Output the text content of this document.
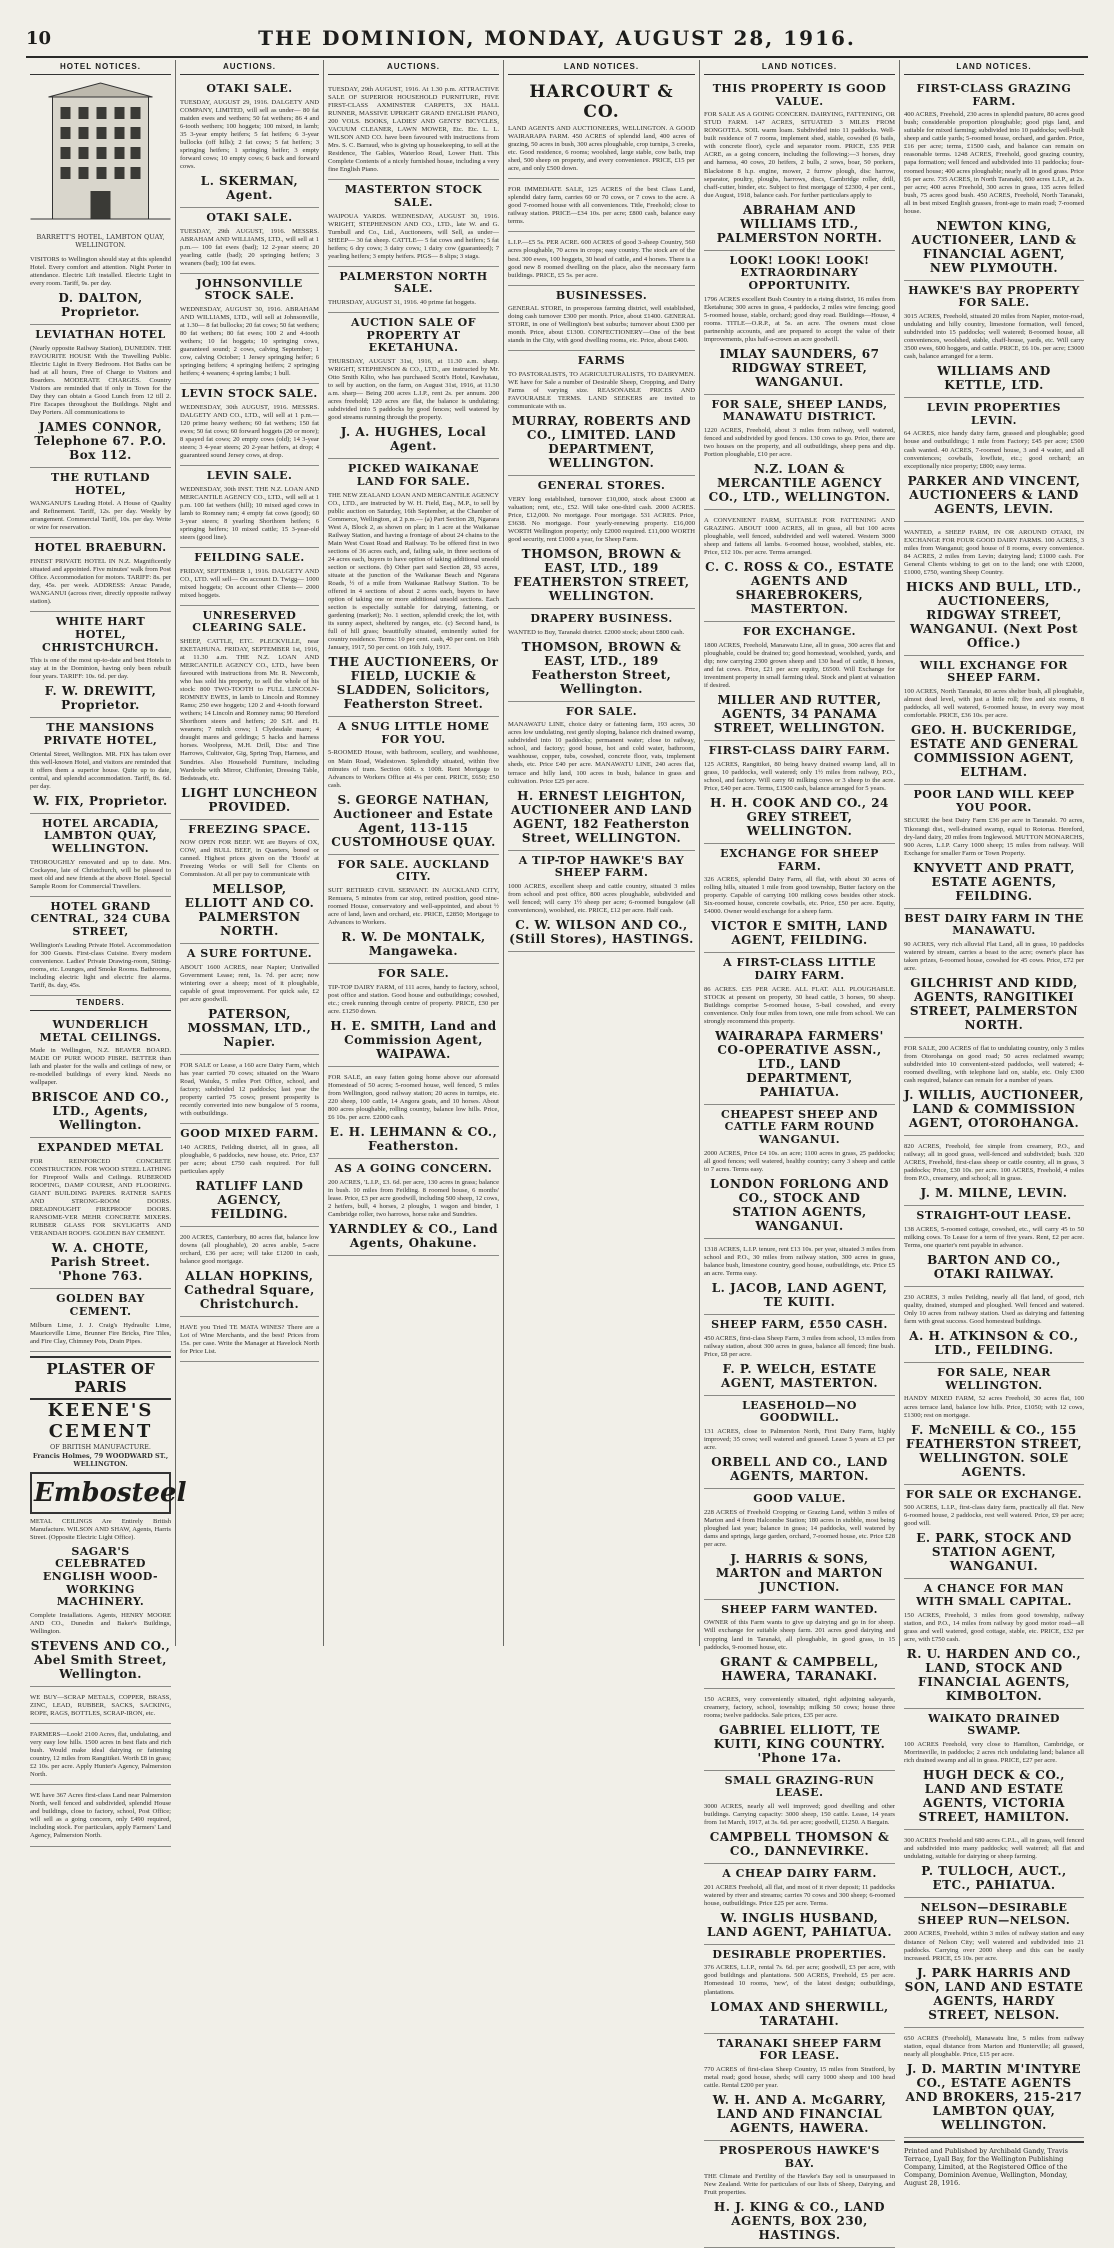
10	THE DOMINION, MONDAY, AUGUST 28, 1916.
HOTEL NOTICES.
BARRETT'S HOTEL, LAMBTON QUAY, WELLINGTON.
VISITORS to Wellington should stay at this splendid Hotel. Every comfort and attention. Night Porter in attendance. Electric Lift installed. Electric Light in every room. Tariff, 9s. per day.
D. DALTON, Proprietor.
LEVIATHAN HOTEL
(Nearly opposite Railway Station), DUNEDIN. THE FAVOURITE HOUSE With the Travelling Public. Electric Light in Every Bedroom. Hot Baths can be had at all hours, Free of Charge to Visitors and Boarders. MODERATE CHARGES. Country Visitors are reminded that if only in Town for the Day they can obtain a Good Lunch from 12 till 2. Fire Escapes throughout the Buildings. Night and Day Porters. All communications to
JAMES CONNOR, Telephone 67. P.O. Box 112.
THE RUTLAND HOTEL,
WANGANUI'S Leading Hotel. A House of Quality and Refinement. Tariff, 12s. per day. Weekly by arrangement. Commercial Tariff, 10s. per day. Write or wire for reservation.
HOTEL BRAEBURN.
FINEST PRIVATE HOTEL IN N.Z. Magnificently situated and appointed. Five minutes' walk from Post Office. Accommodation for motors. TARIFF: 8s. per day, 45s. per week. ADDRESS: Anzac Parade, WANGANUI (across river, directly opposite railway station).
WHITE HART HOTEL, CHRISTCHURCH.
This is one of the most up-to-date and best Hotels to stay at in the Dominion, having only been rebuilt four years. TARIFF: 10s. 6d. per day.
F. W. DREWITT, Proprietor.
THE MANSIONS PRIVATE HOTEL,
Oriental Street, Wellington. MR. FIX has taken over this well-known Hotel, and visitors are reminded that it offers them a superior house. Quite up to date, central, and splendid accommodation. Tariff, 8s. 6d. per day.
W. FIX, Proprietor.
HOTEL ARCADIA, LAMBTON QUAY, WELLINGTON.
THOROUGHLY renovated and up to date. Mrs. Cockayne, late of Christchurch, will be pleased to meet old and new friends at the above Hotel. Special Sample Room for Commercial Travellers.
HOTEL GRAND CENTRAL, 324 CUBA STREET,
Wellington's Leading Private Hotel. Accommodation for 300 Guests. First-class Cuisine. Every modern convenience. Ladies' Private Drawing-room, Sitting-rooms, etc. Lounges, and Smoke Rooms. Bathrooms, including electric light and electric fire alarms. Tariff, 8s. day, 45s.
TENDERS.
WUNDERLICH METAL CEILINGS.
Made in Wellington, N.Z. BEAVER BOARD. MADE OF PURE WOOD FIBRE. BETTER than lath and plaster for the walls and ceilings of new, or re-modelled buildings of every kind. Needs no wallpaper.
BRISCOE AND CO., LTD., Agents, Wellington.
EXPANDED METAL
FOR REINFORCED CONCRETE CONSTRUCTION. FOR WOOD STEEL LATHING for Fireproof Walls and Ceilings. RUBEROID ROOFING, DAMP COURSE, AND FLOORING. GIANT BUILDING PAPERS. RATNER SAFES AND STRONG-ROOM DOORS. DREADNOUGHT FIREPROOF DOORS. RANSOME-VER MEHR CONCRETE MIXERS. RUBBER GLASS FOR SKYLIGHTS AND VERANDAH ROOFS. GOLDEN BAY CEMENT.
W. A. CHOTE, Parish Street. 'Phone 763.
GOLDEN BAY CEMENT.
Milburn Lime, J. J. Craig's Hydraulic Lime, Mauriceville Lime, Brunner Fire Bricks, Fire Tiles, and Fire Clay, Chimney Pots, Drain Pipes.
PLASTER OF PARIS
KEENE'S CEMENT
OF BRITISH MANUFACTURE.
Francis Holmes, 79 WOODWARD ST., WELLINGTON.
Embosteel
METAL CEILINGS Are Entirely British Manufacture. WILSON AND SHAW, Agents, Harris Street. (Opposite Electric Light Office).
SAGAR'S CELEBRATED ENGLISH WOOD-WORKING MACHINERY.
Complete Installations. Agents, HENRY MOORE AND CO., Dunedin and Baker's Buildings, Wellington.
STEVENS AND CO., Abel Smith Street, Wellington.
WE BUY—SCRAP METALS, COPPER, BRASS, ZINC, LEAD, RUBBER, SACKS, SACKING, ROPE, RAGS, BOTTLES, SCRAP-IRON, etc.
FARMERS—Look! 2100 Acres, flat, undulating, and very easy low hills. 1500 acres in best flats and rich bush. Would make ideal dairying or fattening country, 12 miles from Rangitikei. Worth £8 in grass; £2 10s. per acre. Apply Hunter's Agency, Palmerston North.
WE have 367 Acres first-class Land near Palmerston North, well fenced and subdivided, splendid House and buildings, close to factory, school, Post Office; will sell as a going concern, only £490 required, including stock. For particulars, apply Farmers' Land Agency, Palmerston North.
AUCTIONS.
OTAKI SALE.
TUESDAY, AUGUST 29, 1916. DALGETY AND COMPANY, LIMITED, will sell as under— 80 fat maiden ewes and wethers; 50 fat wethers; 86 4 and 6-tooth wethers; 100 hoggets; 100 mixed, in lamb; 35 3-year empty heifers; 5 fat heifers; 6 3-year bullocks (off hills); 2 fat cows; 5 fat heifers; 3 springing heifers; 1 springing heifer; 3 empty forward cows; 10 empty cows; 6 back and forward cows.
L. SKERMAN, Agent.
OTAKI SALE.
TUESDAY, 29th AUGUST, 1916. MESSRS. ABRAHAM AND WILLIAMS, LTD., will sell at 1 p.m.— 100 fat ewes (bad); 12 2-year steers; 20 yearling cattle (bad); 20 springing heifers; 3 weaners (bad); 100 fat ewes.
JOHNSONVILLE STOCK SALE.
WEDNESDAY, AUGUST 30, 1916. ABRAHAM AND WILLIAMS, LTD., will sell at Johnsonville, at 1.30— 8 fat bullocks; 20 fat cows; 50 fat wethers; 80 fat wethers; 80 fat ewes; 100 2 and 4-tooth wethers; 10 fat hoggets; 10 springing cows, guaranteed sound; 2 cows, calving September; 1 cow, calving October; 1 Jersey springing heifer; 6 springing heifers; 4 springing heifers; 2 springing heifers; 4 weaners; 4 spring lambs; 1 bull.
LEVIN STOCK SALE.
WEDNESDAY, 30th AUGUST, 1916. MESSRS. DALGETY AND CO., LTD., will sell at 1 p.m.— 120 prime heavy wethers; 60 fat wethers; 150 fat ewes; 50 fat cows; 60 forward hoggets (20 or more); 8 spayed fat cows; 20 empty cows (old); 14 3-year steers; 3 4-year steers; 20 2-year heifers, at drop; 4 guaranteed sound Jersey cows, at drop.
LEVIN SALE.
WEDNESDAY, 30th INST. THE N.Z. LOAN AND MERCANTILE AGENCY CO., LTD., will sell at 1 p.m. 100 fat wethers (hill); 10 mixed aged cows in lamb to Romney ram; 4 empty fat cows (good); 60 3-year steers; 8 yearling Shorthorn heifers; 6 springing heifers; 10 mixed cattle; 15 3-year-old steers (good line).
FEILDING SALE.
FRIDAY, SEPTEMBER 1, 1916. DALGETY AND CO., LTD. will sell— On account D. Twigg— 1000 mixed hoggets; On account other Clients— 2000 mixed hoggets.
UNRESERVED CLEARING SALE.
SHEEP, CATTLE, ETC. PLECKVILLE, near EKETAHUNA. FRIDAY, SEPTEMBER 1st, 1916, at 11.30 a.m. THE N.Z. LOAN AND MERCANTILE AGENCY CO., LTD., have been favoured with instructions from Mr. R. Newcomb, who has sold his property, to sell the whole of his stock: 800 TWO-TOOTH to FULL LINCOLN-ROMNEY EWES, in lamb to Lincoln and Romney Rams; 250 ewe hoggets; 120 2 and 4-tooth forward wethers; 14 Lincoln and Romney rams; 90 Hereford Shorthorn steers and heifers; 20 S.H. and H. weaners; 7 milch cows; 1 Clydesdale mare; 4 draught mares and geldings; 5 hacks and harness horses. Woolpress, M.H. Drill, Disc and Tine Harrows, Cultivator, Gig, Spring Trap, Harness, and Sundries. Also Household Furniture, including Wardrobe with Mirror, Chiffonier, Dressing Table, Bedsteads, etc.
LIGHT LUNCHEON PROVIDED.
FREEZING SPACE.
NOW OPEN FOR BEEF. WE are Buyers of OX, COW, and BULL BEEF, in Quarters, boned or canned. Highest prices given on the 'Hoofs' at Freezing Works or will Sell for Clients on Commission. At all per pay to communicate with
MELLSOP, ELLIOTT AND CO. PALMERSTON NORTH.
A SURE FORTUNE.
ABOUT 1600 ACRES, near Napier; Unrivalled Government Lease; rent, 1s. 7d. per acre; now wintering over a sheep; most of it ploughable, capable of great improvement. For quick sale, £2 per acre goodwill.
PATERSON, MOSSMAN, LTD., Napier.
FOR SALE or Lease, a 160 acre Dairy Farm, which has year carried 70 cows; situated on the Waaro Road, Waiuku, 5 miles Port Office, school, and factory; subdivided 12 paddocks; last year the property carried 75 cows; present prosperity is recently converted into new bungalow of 5 rooms, with outbuildings.
GOOD MIXED FARM.
140 ACRES, Feilding district, all in grass, all ploughable, 6 paddocks, new house, etc. Price, £37 per acre; about £750 cash required. For full particulars apply
RATLIFF LAND AGENCY, FEILDING.
200 ACRES, Canterbury, 80 acres flat, balance low downs (all ploughable), 20 acres arable, 5-acre orchard, £36 per acre; will take £1200 in cash, balance good mortgage.
ALLAN HOPKINS, Cathedral Square, Christchurch.
HAVE you Tried TE MATA WINES? There are a Lot of Wine Merchants, and the best! Prices from 15s. per case. Write the Manager at Havelock North for Price List.
AUCTIONS.
TUESDAY, 29th AUGUST, 1916. At 1.30 p.m. ATTRACTIVE SALE OF SUPERIOR HOUSEHOLD FURNITURE, FIVE FIRST-CLASS AXMINSTER CARPETS, 3X HALL RUNNER, MASSIVE UPRIGHT GRAND ENGLISH PIANO, 200 VOLS. BOOKS, LADIES' AND GENTS' BICYCLES, VACUUM CLEANER, LAWN MOWER, Etc. Etc. L. L. WILSON AND CO. have been favoured with instructions from Mrs. S. C. Barraud, who is giving up housekeeping, to sell at the Residence, The Gables, Waterloo Road, Lower Hutt. This Complete Contents of a nicely furnished house, including a very fine English Piano.
MASTERTON STOCK SALE.
WAIPOUA YARDS. WEDNESDAY, AUGUST 30, 1916. WRIGHT, STEPHENSON AND CO., LTD., late W. and G. Turnbull and Co., Ltd., Auctioneers, will Sell, as under— SHEEP— 30 fat sheep. CATTLE— 5 fat cows and heifers; 5 fat heifers; 6 dry cows; 3 dairy cows; 1 dairy cow (guaranteed); 7 yearling heifers; 3 empty heifers. PIGS— 8 slips; 3 stags.
PALMERSTON NORTH SALE.
THURSDAY, AUGUST 31, 1916. 40 prime fat hoggets.
AUCTION SALE OF PROPERTY AT EKETAHUNA.
THURSDAY, AUGUST 31st, 1916, at 11.30 a.m. sharp. WRIGHT, STEPHENSON & CO., LTD., are instructed by Mr. Otto Smith Kilto, who has purchased Scott's Hotel, Kawhatau, to sell by auction, on the farm, on August 31st, 1916, at 11.30 a.m. sharp— Being 200 acres L.I.P., rent 2s. per annum. 200 acres freehold; 120 acres are flat, the balance is undulating; subdivided into 5 paddocks by good fences; well watered by good streams running through the property.
J. A. HUGHES, Local Agent.
PICKED WAIKANAE LAND FOR SALE.
THE NEW ZEALAND LOAN AND MERCANTILE AGENCY CO., LTD., are instructed by W. H. Field, Esq., M.P., to sell by public auction on Saturday, 16th September, at the Chamber of Commerce, Wellington, at 2 p.m.— (a) Part Section 28, Ngarara West A, Block 2, as shown on plan; in 1 acre at the Waikanae Railway Station, and having a frontage of about 24 chains to the Main West Coast Road and Railway. To be offered first in two sections of 36 acres each, and, failing sale, in three sections of 24 acres each, buyers to have option of taking additional unsold section or sections. (b) Other part said Section 28, 93 acres, situate at the junction of the Waikanae Beach and Ngarara Roads, ½ of a mile from Waikanae Railway Station. To be offered in 4 sections of about 2 acres each, buyers to have option of taking one or more additional unsold sections. Each section is especially suitable for dairying, fattening, or gardening (market); No. 1 section, splendid creek; the lot, with its sunny aspect, sheltered by ranges, etc. (c) Second hand, is full of hill grass; beautifully situated, eminently suited for country residence. Terms: 10 per cent. cash, 40 per cent. on 16th January, 1917, 50 per cent. on 16th July, 1917.
THE AUCTIONEERS, Or FIELD, LUCKIE & SLADDEN, Solicitors, Featherston Street.
A SNUG LITTLE HOME FOR YOU.
5-ROOMED House, with bathroom, scullery, and washhouse, on Main Road, Wadestown. Splendidly situated, within five minutes of tram. Section 66ft. x 100ft. Rent Mortgage to Advances to Workers Office at 4¼ per cent. PRICE, £650; £50 cash.
S. GEORGE NATHAN, Auctioneer and Estate Agent, 113-115 CUSTOMHOUSE QUAY.
FOR SALE. AUCKLAND CITY.
SUIT RETIRED CIVIL SERVANT. IN AUCKLAND CITY, Remuera, 5 minutes from car stop, retired position, good nine-roomed House, conservatory and well-appointed, and about ½ acre of land, lawn and orchard, etc. PRICE, £2850; Mortgage to Advances to Workers.
R. W. De MONTALK, Mangaweka.
FOR SALE.
TIP-TOP DAIRY FARM, of 111 acres, handy to factory, school, post office and station. Good house and outbuildings; cowshed, etc.; creek running through centre of property. PRICE, £30 per acre. £1250 down.
H. E. SMITH, Land and Commission Agent, WAIPAWA.
FOR SALE, an easy fatten going home above our aforesaid Homestead of 50 acres; 5-roomed house, well fenced, 5 miles from Wellington, good railway station; 20 acres in turnips, etc. 220 sheep, 100 cattle, 14 Angora goats, and 10 horses. About 800 acres ploughable, rolling country, balance low hills. Price, £6 10s. per acre. £2000 cash.
E. H. LEHMANN & CO., Featherston.
AS A GOING CONCERN.
200 ACRES, 'L.I.P., £3. 6d. per acre, 130 acres in grass; balance in bush. 10 miles from Feilding. 8 roomed house, 6 months' lease. Price, £3 per acre goodwill, including 500 sheep, 12 cows, 2 heifers, bull, 4 horses, 2 ploughs, 1 wagon and binder, 1 Cambridge roller, two harrows, horse rake and Sundries.
YARNDLEY & CO., Land Agents, Ohakune.
LAND NOTICES.
HARCOURT & CO.
LAND AGENTS AND AUCTIONEERS, WELLINGTON. A GOOD WAIRARAPA FARM. 450 ACRES of splendid land, 400 acres of grazing, 50 acres in bush, 300 acres ploughable, crop turnips, 3 creeks, etc. Good residence, 6 rooms; woolshed, large stable, cow bails, trap shed, 500 sheep on property, and every convenience. PRICE, £15 per acre, and only £500 down.
FOR IMMEDIATE SALE, 125 ACRES of the best Class Land, splendid dairy farm, carries 60 or 70 cows, or 7 cows to the acre. A good 7-roomed house with all conveniences. Title, Freehold; close to railway station. PRICE—£34 10s. per acre; £800 cash, balance easy terms.
L.I.P.—£5 5s. PER ACRE. 600 ACRES of good 3-sheep Country, 560 acres ploughable, 70 acres in crops; easy country. The stock are of the best. 300 ewes, 100 hoggets, 30 head of cattle, and 4 horses. There is a good new 8 roomed dwelling on the place, also the necessary farm buildings. PRICE, £5 5s. per acre.
BUSINESSES.
GENERAL STORE, in prosperous farming district, well established, doing cash turnover £300 per month. Price, about £1400. GENERAL STORE, in one of Wellington's best suburbs; turnover about £300 per month. Price, about £1300. CONFECTIONERY—One of the best stands in the City, with good dwelling rooms, etc. Price, about £400.
FARMS
TO PASTORALISTS, TO AGRICULTURALISTS, TO DAIRYMEN. WE have for Sale a number of Desirable Sheep, Cropping, and Dairy Farms of varying size. REASONABLE PRICES AND FAVOURABLE TERMS. LAND SEEKERS are invited to communicate with us.
MURRAY, ROBERTS AND CO., LIMITED. LAND DEPARTMENT, WELLINGTON.
GENERAL STORES.
VERY long established, turnover £10,000, stock about £3000 at valuation; rent, etc., £52. Will take one-third cash. 2000 ACRES. Price, £12,000. No mortgage. Four mortgage. 531 ACRES. Price, £3638. No mortgage. Four yearly-renewing property. £16,000 WORTH Wellington property; only £2000 required. £11,000 WORTH good security, rent £1000 a year, for Sheep Farm.
THOMSON, BROWN & EAST, LTD., 189 FEATHERSTON STREET, WELLINGTON.
DRAPERY BUSINESS.
WANTED to Buy, Taranaki district. £2000 stock; about £800 cash.
THOMSON, BROWN & EAST, LTD., 189 Featherston Street, Wellington.
FOR SALE.
MANAWATU LINE, choice dairy or fattening farm, 193 acres, 30 acres low undulating, rest gently sloping, balance rich drained swamp, subdivided into 10 paddocks; permanent water; close to railway, school, and factory; good house, hot and cold water, bathroom, washhouse, copper, tubs, cowshed, concrete floor, vats, implement sheds, etc. Price £40 per acre. MANAWATU LINE, 240 acres flat, terrace and hilly land, 100 acres in bush, balance in grass and cultivation. Price £25 per acre.
H. ERNEST LEIGHTON, AUCTIONEER AND LAND AGENT, 182 Featherston Street, WELLINGTON.
A TIP-TOP HAWKE'S BAY SHEEP FARM.
1000 ACRES, excellent sheep and cattle country, situated 3 miles from school and post office, 800 acres ploughable, subdivided and well fenced; will carry 1½ sheep per acre; 6-roomed bungalow (all conveniences), woolshed, etc. PRICE, £12 per acre. Half cash.
C. W. WILSON AND CO., (Still Stores), HASTINGS.
LAND NOTICES.
THIS PROPERTY IS GOOD VALUE.
FOR SALE AS A GOING CONCERN. DAIRYING, FATTENING, OR STUD FARM. 147 ACRES, SITUATED 3 MILES FROM RONGOTEA. SOIL warm loam. Subdivided into 11 paddocks. Well-built residence of 7 rooms, implement shed, stable, cowshed (6 bails, with concrete floor), cycle and separator room. PRICE, £35 PER ACRE, as a going concern, including the following:—3 horses, dray and harness, 40 cows, 20 heifers, 2 bulls, 2 sows, boar, 50 porkers, Blackstone 8 h.p. engine, mower, 2 furrow plough, disc harrow, separator, poultry, ploughs, harrows, discs, Cambridge roller, drill, chaff-cutter, binder, etc. Subject to first mortgage of £2300, 4 per cent., due August, 1918, balance cash. For further particulars apply to
ABRAHAM AND WILLIAMS LTD., PALMERSTON NORTH.
LOOK! LOOK! LOOK! EXTRAORDINARY OPPORTUNITY.
1796 ACRES excellent Bush Country in a rising district, 16 miles from Eketahuna; 300 acres in grass, 4 paddocks, 2 miles wire fencing; good 5-roomed house, stable, orchard; good dray road. Buildings—House, 4 rooms. TITLE—O.R.P., at 5s. an acre. The owners must close partnership accounts, and are prepared to accept the value of their improvements, plus half-a-crown an acre goodwill.
IMLAY SAUNDERS, 67 RIDGWAY STREET, WANGANUI.
FOR SALE, SHEEP LANDS, MANAWATU DISTRICT.
1220 ACRES, Freehold, about 3 miles from railway, well watered, fenced and subdivided by good fences. 130 cows to go. Price, there are two houses on the property, and all outbuildings, sheep pens and dip. Portion ploughable, £10 per acre.
N.Z. LOAN & MERCANTILE AGENCY CO., LTD., WELLINGTON.
A CONVENIENT FARM, SUITABLE FOR FATTENING AND GRAZING. ABOUT 1000 ACRES, all in grass, all but 100 acres ploughable, well fenced, subdivided and well watered. Western 3000 sheep and fattens all lambs. 6-roomed house, woolshed, stables, etc. Price, £12 10s. per acre. Terms arranged.
C. C. ROSS & CO., ESTATE AGENTS AND SHAREBROKERS, MASTERTON.
FOR EXCHANGE.
1800 ACRES, Freehold, Manawatu Line, all in grass, 300 acres flat and ploughable, could be drained to; good homestead, woolshed, yards, and dip; now carrying 2300 grown sheep and 130 head of cattle, 8 horses, and fat cows. Price, £21 per acre equity, £6500. Will Exchange for inventment property in small farming ideal. Stock and plant at valuation if desired.
MILLER AND RUTTER, AGENTS, 34 PANAMA STREET, WELLINGTON.
FIRST-CLASS DAIRY FARM.
125 ACRES, Rangitikei, 80 being heavy drained swamp land, all in grass, 10 paddocks, well watered; only 1½ miles from railway, P.O., school, and factory. Will carry 60 milking cows or 3 sheep to the acre. Price, £40 per acre. Terms, £1500 cash, balance arranged for 5 years.
H. H. COOK AND CO., 24 GREY STREET, WELLINGTON.
EXCHANGE FOR SHEEP FARM.
326 ACRES, splendid Dairy Farm, all flat, with about 30 acres of rolling hills, situated 1 mile from good township, Butter factory on the property. Capable of carrying 100 milking cows besides other stock. Six-roomed house, concrete cowbails, etc. Price, £50 per acre. Equity, £4000. Owner would exchange for a sheep farm.
VICTOR E SMITH, LAND AGENT, FEILDING.
A FIRST-CLASS LITTLE DAIRY FARM.
86 ACRES. £35 PER ACRE. ALL FLAT. ALL PLOUGHABLE. STOCK at present on property, 30 head cattle, 3 horses, 90 sheep. Buildings comprise 5-roomed house, 5-bail cowshed, and every convenience. Only four miles from town, one mile from school. We can strongly recommend this property.
WAIRARAPA FARMERS' CO-OPERATIVE ASSN., LTD., LAND DEPARTMENT, PAHIATUA.
CHEAPEST SHEEP AND CATTLE FARM ROUND WANGANUI.
2000 ACRES, Price £4 10s. an acre; 1100 acres in grass, 25 paddocks; all good fences; well watered, healthy country; carry 3 sheep and cattle to 7 acres. Terms easy.
LONDON FORLONG AND CO., STOCK AND STATION AGENTS, WANGANUI.
1318 ACRES, L.I.P. tenure, rent £13 10s. per year, situated 3 miles from school and P.O., 30 miles from railway station, 300 acres in grass, balance bush, limestone country, good house, outbuildings, etc. Price £5 an acre. Terms easy.
L. JACOB, LAND AGENT, TE KUITI.
SHEEP FARM, £550 CASH.
450 ACRES, first-class Sheep Farm, 3 miles from school, 13 miles from railway station, about 300 acres in grass, balance all fenced; fine bush. Price, £8 per acre.
F. P. WELCH, ESTATE AGENT, MASTERTON.
LEASEHOLD—NO GOODWILL.
131 ACRES, close to Palmerston North, First Dairy Farm, highly improved; 35 cows; well watered and grassed. Lease 5 years at £3 per acre.
ORBELL AND CO., LAND AGENTS, MARTON.
GOOD VALUE.
228 ACRES of Freehold Cropping or Grazing Land, within 3 miles of Marton and 4 from Halcombe Station; 180 acres in stubble, most being ploughed last year; balance in grass; 14 paddocks, well watered by dams and springs, large garden, orchard, 7-roomed house, etc. Price £28 per acre.
J. HARRIS & SONS, MARTON and MARTON JUNCTION.
SHEEP FARM WANTED.
OWNER of this Farm wants to give up dairying and go in for sheep. Will exchange for suitable sheep farm. 201 acres good dairying and cropping land in Taranaki, all ploughable, in good grass, in 15 paddocks, 9-roomed house, etc.
GRANT & CAMPBELL, HAWERA, TARANAKI.
150 ACRES, very conveniently situated, right adjoining saleyards, creamery, factory, school, township; milking 50 cows; house three rooms; twelve paddocks. Sale prices, £35 per acre.
GABRIEL ELLIOTT, TE KUITI, KING COUNTRY. 'Phone 17a.
SMALL GRAZING-RUN LEASE.
3000 ACRES, nearly all well improved; good dwelling and other buildings. Carrying capacity: 3000 sheep, 150 cattle. Lease, 14 years from 1st March, 1917, at 3s. 6d. per acre; goodwill, £1250. A Bargain.
CAMPBELL THOMSON & CO., DANNEVIRKE.
A CHEAP DAIRY FARM.
201 ACRES Freehold, all flat, and most of it river deposit; 11 paddocks watered by river and streams; carries 70 cows and 300 sheep; 6-roomed house, outbuildings. Price £25 per acre. Terms.
W. INGLIS HUSBAND, LAND AGENT, PAHIATUA.
DESIRABLE PROPERTIES.
376 ACRES, L.I.P., rental 7s. 6d. per acre; goodwill, £3 per acre, with good buildings and plantations. 500 ACRES, Freehold, £5 per acre. Homestead 10 rooms, 'new', of the latest design; outbuildings, plantations.
LOMAX AND SHERWILL, TARATAHI.
TARANAKI SHEEP FARM FOR LEASE.
770 ACRES of first-class Sheep Country, 15 miles from Stratford, by metal road; good house, sheds; will carry 1000 sheep and 100 head cattle. Rental £200 per year.
W. H. AND A. McGARRY, LAND AND FINANCIAL AGENTS, HAWERA.
PROSPEROUS HAWKE'S BAY.
THE Climate and Fertility of the Hawke's Bay soil is unsurpassed in New Zealand. Write for particulars of our lists of Sheep, Dairying, and Fruit properties.
H. J. KING & CO., LAND AGENTS, BOX 230, HASTINGS.
LAND NOTICES.
FIRST-CLASS GRAZING FARM.
400 ACRES, Freehold, 230 acres in splendid pasture, 80 acres good bush; considerable proportion ploughable; good pigs land, and suitable for mixed farming; subdivided into 10 paddocks; well-built sheep and cattle yards; 5-roomed house, orchard, and garden. Price, £16 per acre; terms, £1500 cash, and balance can remain on reasonable terms. 1248 ACRES, Freehold, good grazing country, papa formation; well fenced and subdivided into 11 paddocks; four-roomed house; 400 acres ploughable; nearly all in good grass. Price £6 per acre. 735 ACRES, in North Taranaki, 600 acres L.I.P., at 2s. per acre; 400 acres Freehold, 300 acres in grass, 135 acres felled bush, 75 acres good bush. 450 ACRES, Freehold, North Taranaki, all in best mixed English grasses, front-age to main road; 7-roomed house.
NEWTON KING, AUCTIONEER, LAND & FINANCIAL AGENT, NEW PLYMOUTH.
HAWKE'S BAY PROPERTY FOR SALE.
3015 ACRES, Freehold, situated 20 miles from Napier, motor-road, undulating and hilly country, limestone formation, well fenced, subdivided into 15 paddocks; well watered; 8-roomed house, all conveniences, woolshed, stable, chaff-house, yards, etc. Will carry 3500 ewes, 600 hoggets, and cattle. PRICE, £6 10s. per acre; £3000 cash, balance arranged for a term.
WILLIAMS AND KETTLE, LTD.
LEVIN PROPERTIES LEVIN.
64 ACRES, nice handy dairy farm, grassed and ploughable; good house and outbuildings; 1 mile from Factory; £45 per acre; £500 cash wanted. 40 ACRES, 7-roomed house, 3 and 4 water, and all conveniences; cowbails, lowflute, etc.; good orchard; an exceptionally nice property; £800; easy terms.
PARKER AND VINCENT, AUCTIONEERS & LAND AGENTS, LEVIN.
WANTED, a SHEEP FARM, IN OR AROUND OTAKI, IN EXCHANGE FOR FOUR GOOD DAIRY FARMS. 100 ACRES, 3 miles from Wanganui; good house of 8 rooms, every convenience. 84 ACRES, 2 miles from Levin; dairying land; £1000 cash. For General Clients wishing to get on to the land; one with £2000, £1000, £750, wanting Sheep Country.
HICKS AND BULL, LTD., AUCTIONEERS, RIDGWAY STREET, WANGANUI. (Next Post Office.)
WILL EXCHANGE FOR SHEEP FARM.
100 ACRES, North Taranaki, 80 acres shelter bush, all ploughable, almost dead level, with just a little roll; five and six rooms, 8 paddocks, all well watered, 6-roomed house, in every way most comfortable. PRICE, £36 10s. per acre.
GEO. H. BUCKERIDGE, ESTATE AND GENERAL COMMISSION AGENT, ELTHAM.
POOR LAND WILL KEEP YOU POOR.
SECURE the best Dairy Farm £36 per acre in Taranaki. 70 acres, Tikorangi dist., well-drained swamp, equal to Rotorua. Hereford, dry-land dairy, 20 miles from Inglewood. MUTTON MONARCHS, 900 Acres, L.I.P. Carry 1000 sheep; 15 miles from railway. Will Exchange for smaller Farm or Town Property.
KNYVETT AND PRATT, ESTATE AGENTS, FEILDING.
BEST DAIRY FARM IN THE MANAWATU.
90 ACRES, very rich alluvial Flat Land, all in grass, 10 paddocks watered by stream, carries a beast to the acre; owner's place has taken prizes, 6-roomed house, cowshed for 45 cows. Price, £72 per acre.
GILCHRIST AND KIDD, AGENTS, RANGITIKEI STREET, PALMERSTON NORTH.
FOR SALE, 200 ACRES of flat to undulating country, only 3 miles from Otorohanga on good road; 50 acres reclaimed swamp; subdivided into 10 convenient-sized paddocks, well watered; 4-roomed dwelling, with telephone laid on, stable, etc. Only £300 cash required, balance can remain for a number of years.
J. WILLIS, AUCTIONEER, LAND & COMMISSION AGENT, OTOROHANGA.
820 ACRES, Freehold, fee simple from creamery, P.O., and railway; all in good grass, well-fenced and subdivided; bush. 320 ACRES, Freehold, first-class sheep or cattle country, all in grass, 3 paddocks; Price, £30 10s. per acre. 100 ACRES, Freehold, 4 miles from P.O., creamery, and school; all in grass.
J. M. MILNE, LEVIN.
STRAIGHT-OUT LEASE.
138 ACRES, 5-roomed cottage, cowshed, etc., will carry 45 to 50 milking cows. To Lease for a term of five years. Rent, £2 per acre. Terms, one quarter's rent payable in advance.
BARTON AND CO., OTAKI RAILWAY.
230 ACRES, 3 miles Feilding, nearly all flat land, of good, rich quality, drained, stumped and ploughed. Well fenced and watered. Only 10 acres from railway station. Used as dairying and fattening farm with great success. Good homestead buildings.
A. H. ATKINSON & CO., LTD., FEILDING.
FOR SALE, NEAR WELLINGTON.
HANDY MIXED FARM, 52 acres Freehold, 30 acres flat, 100 acres terrace land, balance low hills. Price, £1050; with 12 cows, £1300; rest on mortgage.
F. McNEILL & CO., 155 FEATHERSTON STREET, WELLINGTON. SOLE AGENTS.
FOR SALE OR EXCHANGE.
500 ACRES, L.I.P., first-class dairy farm, practically all flat. New 6-roomed house, 2 paddocks, rest well watered. Price, £9 per acre; good will.
E. PARK, STOCK AND STATION AGENT, WANGANUI.
A CHANCE FOR MAN WITH SMALL CAPITAL.
150 ACRES, Freehold, 3 miles from good township, railway station, and P.O., 14 miles from railway by good motor road—all grass and well watered, good cottage, stable, etc. PRICE, £32 per acre, with £750 cash.
R. U. HARDEN AND CO., LAND, STOCK AND FINANCIAL AGENTS, KIMBOLTON.
WAIKATO DRAINED SWAMP.
100 ACRES Freehold, very close to Hamilton, Cambridge, or Morrinsville, in paddocks; 2 acres rich undulating land; balance all rich drained swamp and all in grass. PRICE, £27 per acre.
HUGH DECK & CO., LAND AND ESTATE AGENTS, VICTORIA STREET, HAMILTON.
300 ACRES Freehold and 680 acres C.P.L., all in grass, well fenced and subdivided into many paddocks; well watered; all flat and undulating, suitable for dairying or sheep farming.
P. TULLOCH, AUCT., ETC., PAHIATUA.
NELSON—DESIRABLE SHEEP RUN—NELSON.
2000 ACRES, Freehold, within 3 miles of railway station and easy distance of Nelson City; well watered and subdivided into 21 paddocks. Carrying over 2000 sheep and this can be easily increased. PRICE, £5 10s. per acre.
J. PARK HARRIS AND SON, LAND AND ESTATE AGENTS, HARDY STREET, NELSON.
650 ACRES (Freehold), Manawatu line, 5 miles from railway station, equal distance from Marton and Hunterville; all grassed, nearly all ploughable. Price, £15 per acre.
J. D. MARTIN M'INTYRE CO., ESTATE AGENTS AND BROKERS, 215-217 LAMBTON QUAY, WELLINGTON.
Printed and Published by Archibald Gandy, Travis Terrace, Lyall Bay, for the Wellington Publishing Company, Limited, at the Registered Office of the Company, Dominion Avenue, Wellington, Monday, August 28, 1916.
